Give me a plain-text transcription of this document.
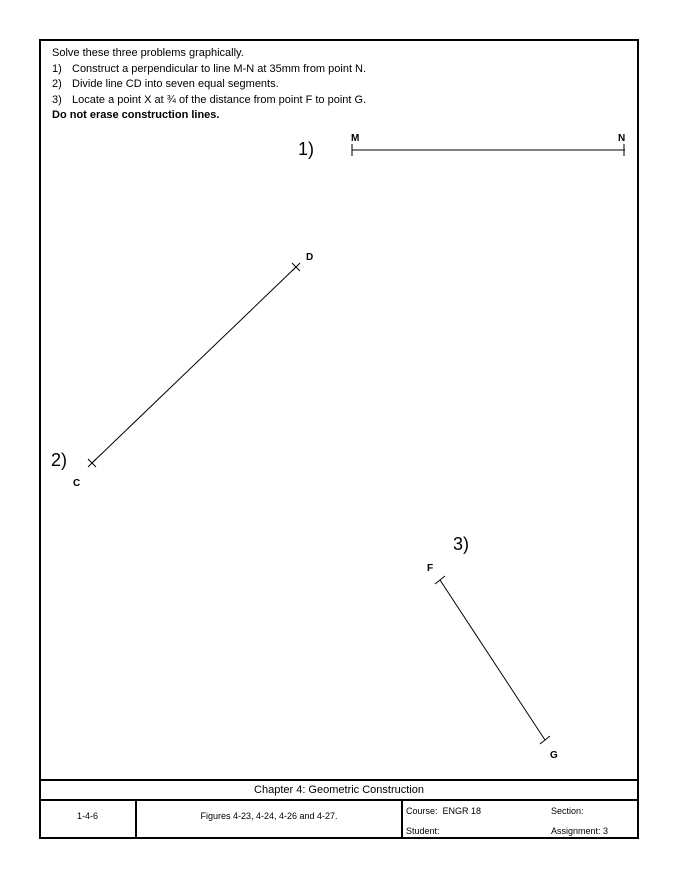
Solve these three problems graphically.
1) Construct a perpendicular to line M-N at 35mm from point N.
2) Divide line CD into seven equal segments.
3) Locate a point X at ¾ of the distance from point F to point G.
Do not erase construction lines.
1)
M	N
2)
C
D
3)
F
G
Chapter 4: Geometric Construction
1-4-6	Figures 4-23, 4-24, 4-26 and 4-27.	Course: ENGR 18	Section:
Student:	Assignment: 3
